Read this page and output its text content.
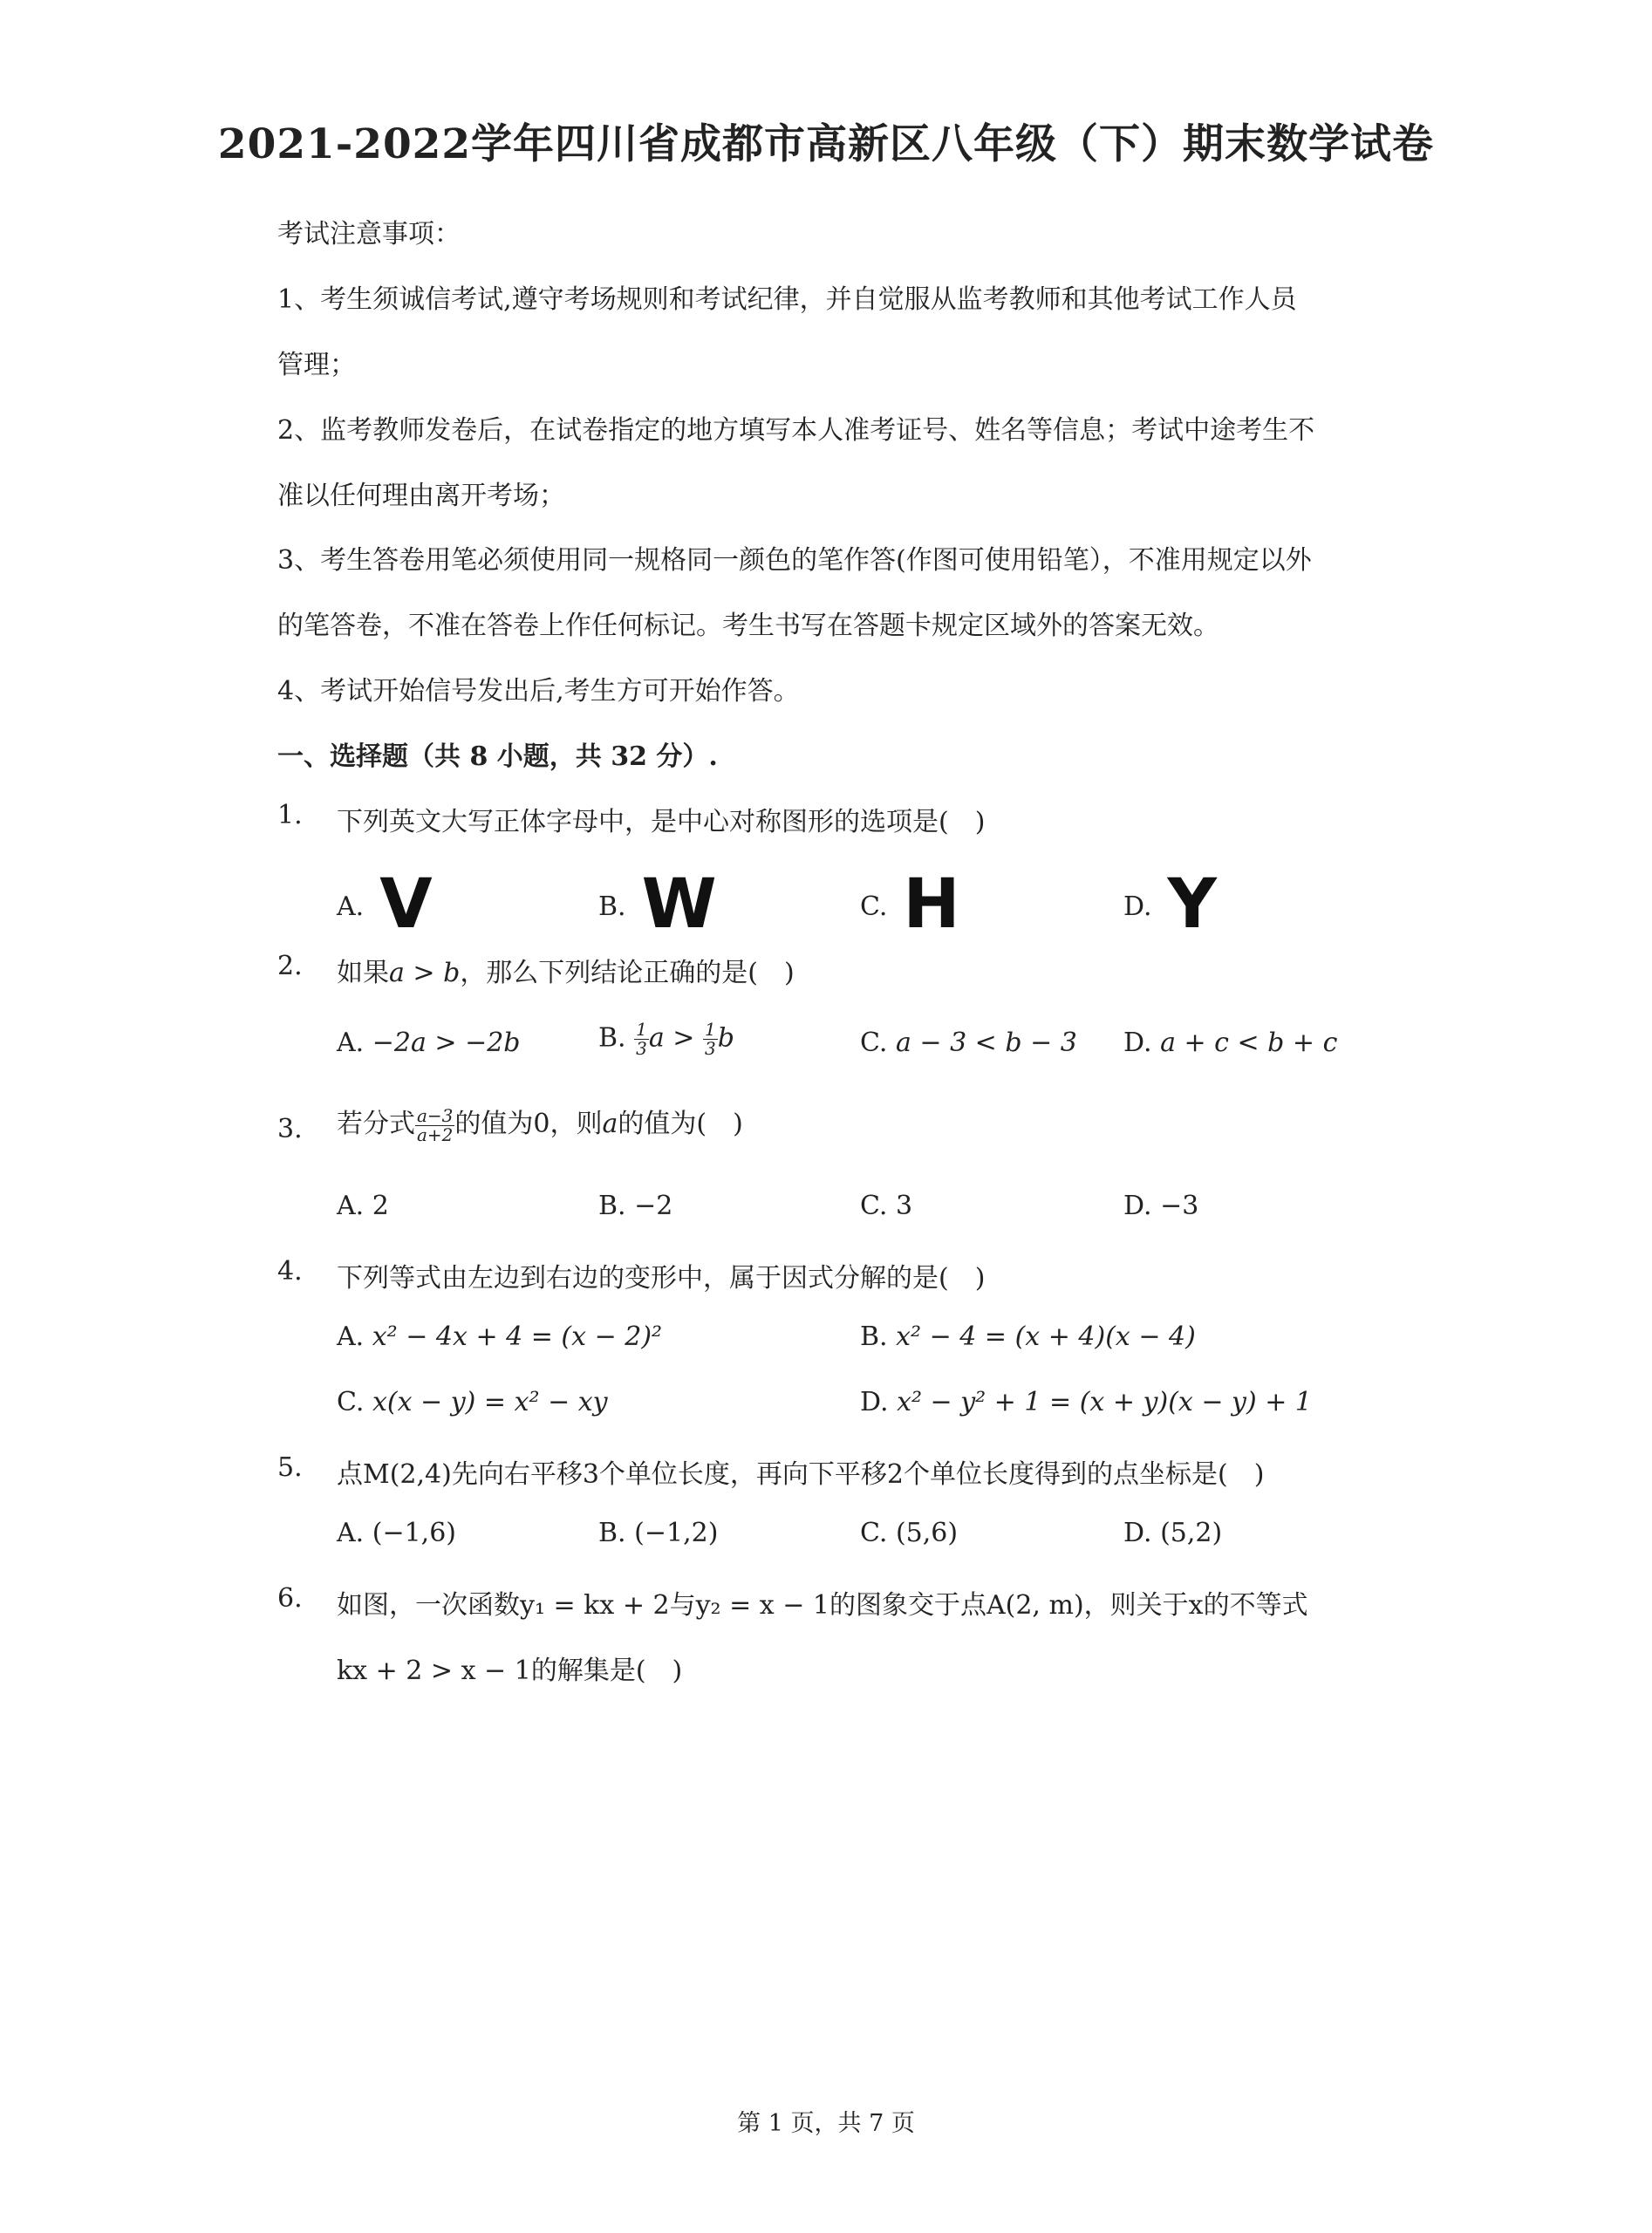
2021-2022学年四川省成都市高新区八年级（下）期末数学试卷
考试注意事项：
1、考生须诚信考试,遵守考场规则和考试纪律，并自觉服从监考教师和其他考试工作人员
管理；
2、监考教师发卷后，在试卷指定的地方填写本人准考证号、姓名等信息；考试中途考生不
准以任何理由离开考场；
3、考生答卷用笔必须使用同一规格同一颜色的笔作答(作图可使用铅笔），不准用规定以外
的笔答卷，不准在答卷上作任何标记。考生书写在答题卡规定区域外的答案无效。
4、考试开始信号发出后,考生方可开始作答。
一、选择题（共 8 小题，共 32 分）.
1. 下列英文大写正体字母中，是中心对称图形的选项是(　)
A. V	B. W	C. H	D. Y
2. 如果a > b，那么下列结论正确的是(　)
A. −2a > −2b	B. $\frac{1}{3}$ $a > \frac{1}{3}$ b	C. a − 3 < b − 3 D. a + c < b + c
3. 若分式 $\frac{a-3}{a+2}$ 的值为0，则a的值为(　)
A. 2	B. −2	C. 3	D. −3
4. 下列等式由左边到右边的变形中，属于因式分解的是(　)
A. x² − 4x + 4 = (x − 2)²	B. x² − 4 = (x + 4)(x − 4)
C. x(x − y) = x² − xy	D. x² − y² + 1 = (x + y)(x − y) + 1
5. 点M(2,4)先向右平移3个单位长度，再向下平移2个单位长度得到的点坐标是(　)
A. (−1,6)	B. (−1,2)	C. (5,6)	D. (5,2)
6. 如图，一次函数y₁ = kx + 2与y₂ = x − 1的图象交于点A(2, m)，则关于x的不等式
kx + 2 > x − 1的解集是(　)
第 1 页，共 7 页
